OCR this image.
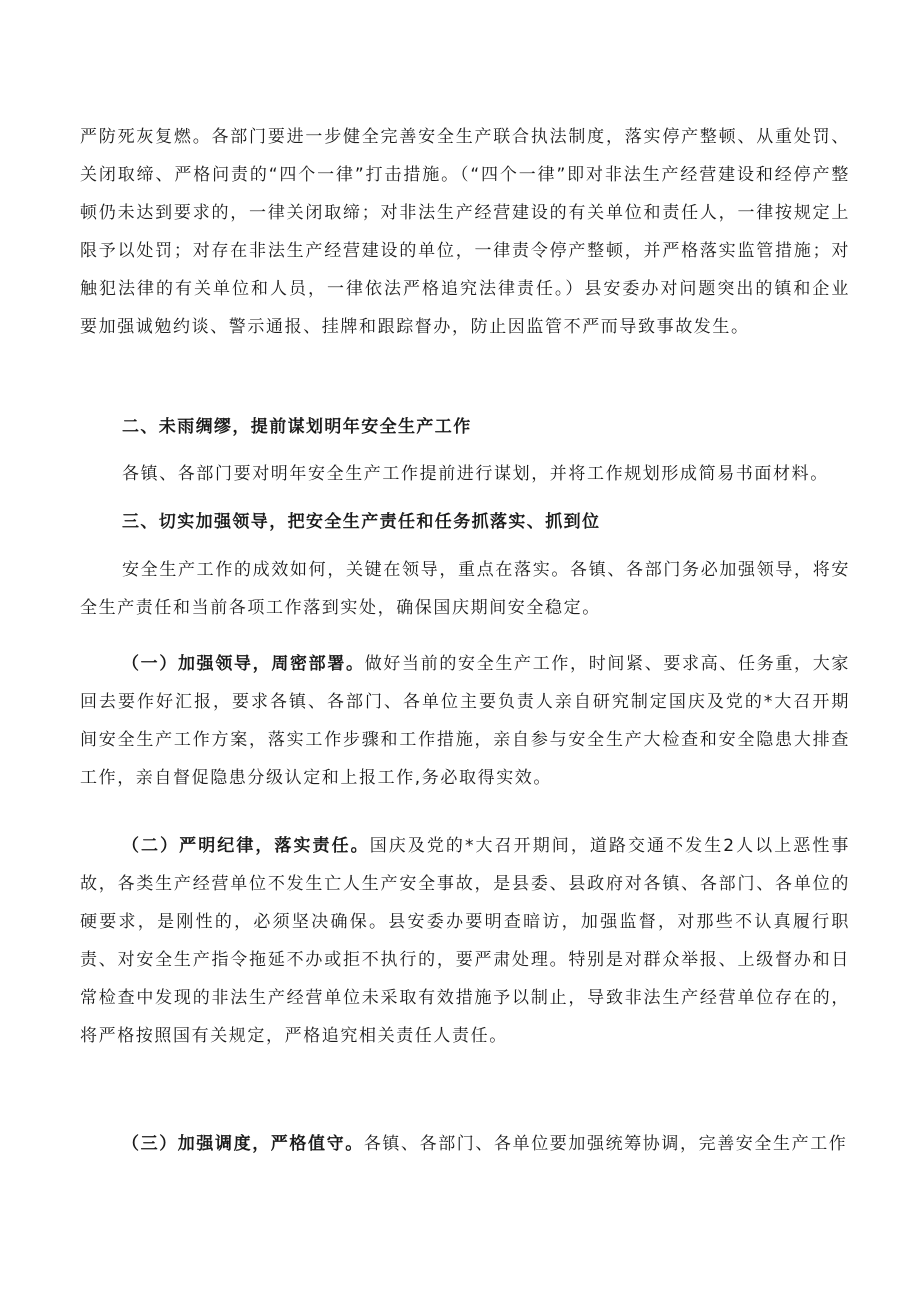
严防死灰复燃。各部门要进一步健全完善安全生产联合执法制度，落实停产整顿、从重处罚、关闭取缔、严格问责的“四个一律”打击措施。（“四个一律”即对非法生产经营建设和经停产整顿仍未达到要求的，一律关闭取缔；对非法生产经营建设的有关单位和责任人，一律按规定上限予以处罚；对存在非法生产经营建设的单位，一律责令停产整顿，并严格落实监管措施；对触犯法律的有关单位和人员，一律依法严格追究法律责任。）县安委办对问题突出的镇和企业要加强诚勉约谈、警示通报、挂牌和跟踪督办，防止因监管不严而导致事故发生。

二、未雨绸缪，提前谋划明年安全生产工作

各镇、各部门要对明年安全生产工作提前进行谋划，并将工作规划形成简易书面材料。

三、切实加强领导，把安全生产责任和任务抓落实、抓到位

安全生产工作的成效如何，关键在领导，重点在落实。各镇、各部门务必加强领导，将安全生产责任和当前各项工作落到实处，确保国庆期间安全稳定。

（一）加强领导，周密部署。做好当前的安全生产工作，时间紧、要求高、任务重，大家回去要作好汇报，要求各镇、各部门、各单位主要负责人亲自研究制定国庆及党的*大召开期间安全生产工作方案，落实工作步骤和工作措施，亲自参与安全生产大检查和安全隐患大排查工作，亲自督促隐患分级认定和上报工作,务必取得实效。

（二）严明纪律，落实责任。国庆及党的*大召开期间，道路交通不发生2人以上恶性事故，各类生产经营单位不发生亡人生产安全事故，是县委、县政府对各镇、各部门、各单位的硬要求，是刚性的，必须坚决确保。县安委办要明查暗访，加强监督，对那些不认真履行职责、对安全生产指令拖延不办或拒不执行的，要严肃处理。特别是对群众举报、上级督办和日常检查中发现的非法生产经营单位未采取有效措施予以制止，导致非法生产经营单位存在的，将严格按照国有关规定，严格追究相关责任人责任。

（三）加强调度，严格值守。各镇、各部门、各单位要加强统筹协调，完善安全生产工作
